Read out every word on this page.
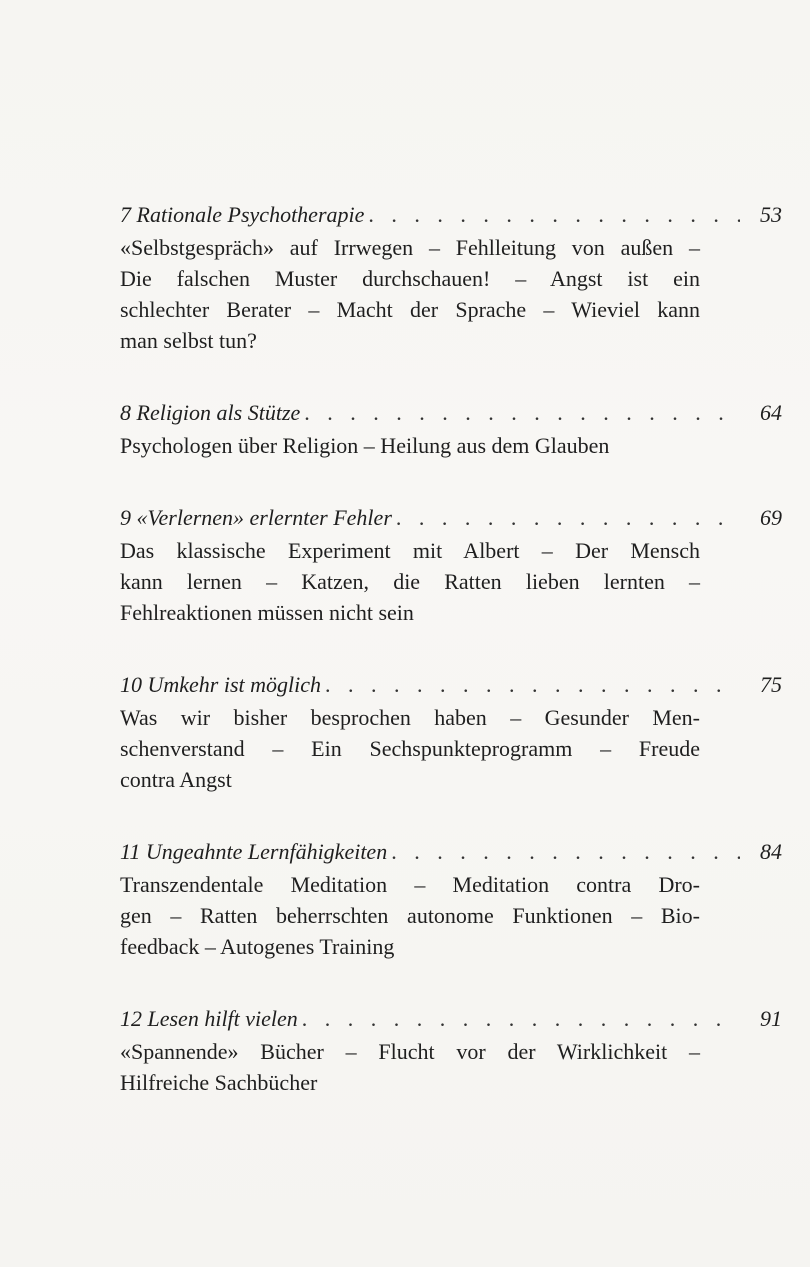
7 Rationale Psychotherapie . . .	53

«Selbstgespräch» auf Irrwegen – Fehlleitung von außen –
Die falschen Muster durchschauen! – Angst ist ein
schlechter Berater – Macht der Sprache – Wieviel kann
man selbst tun?

8 Religion als Stütze . . .	64

Psychologen über Religion – Heilung aus dem Glauben

9 «Verlernen» erlernter Fehler . . .	69

Das klassische Experiment mit Albert – Der Mensch
kann lernen – Katzen, die Ratten lieben lernten –
Fehlreaktionen müssen nicht sein

10 Umkehr ist möglich . . .	75

Was wir bisher besprochen haben – Gesunder Men-
schenverstand – Ein Sechspunkteprogramm – Freude
contra Angst

11 Ungeahnte Lernfähigkeiten . . .	84

Transzendentale Meditation – Meditation contra Dro-
gen – Ratten beherrschten autonome Funktionen – Bio-
feedback – Autogenes Training

12 Lesen hilft vielen . . .	91

«Spannende» Bücher – Flucht vor der Wirklichkeit –
Hilfreiche Sachbücher
